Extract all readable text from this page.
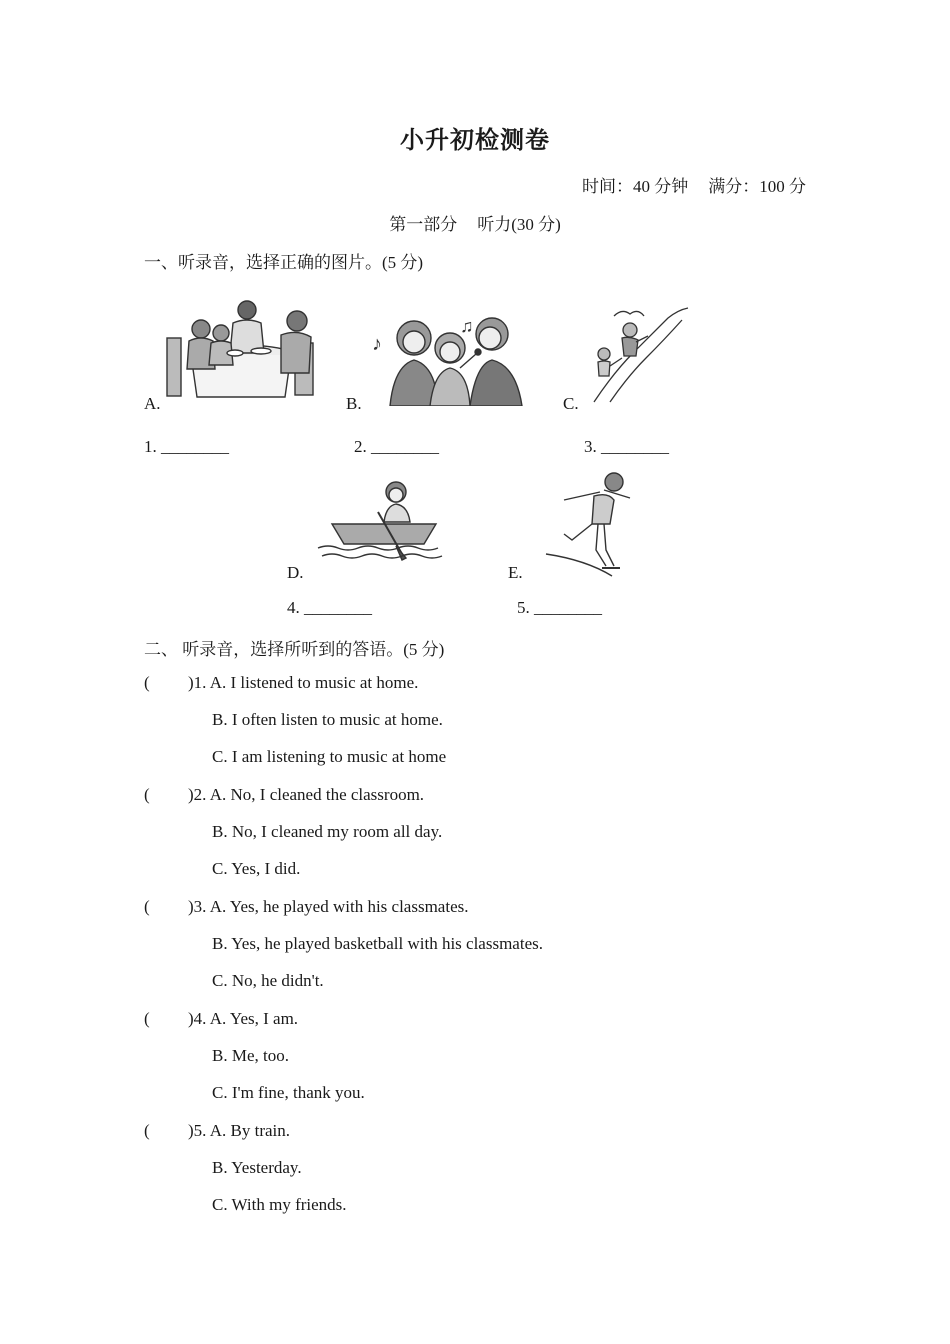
小升初检测卷
时间：40 分钟 满分：100 分
第一部分 听力(30 分)
一、听录音，选择正确的图片。(5 分)
A.
♪
♫
B.	C.
1. ________	2. ________	3. ________
D.	E.
4. ________	5. ________
二、 听录音，选择所听到的答语。(5 分)
( )1. A. I listened to music at home.
B. I often listen to music at home.
C. I am listening to music at home
( )2. A. No, I cleaned the classroom.
B. No, I cleaned my room all day.
C. Yes, I did.
( )3. A. Yes, he played with his classmates.
B. Yes, he played basketball with his classmates.
C. No, he didn't.
( )4. A. Yes, I am.
B. Me, too.
C. I'm fine, thank you.
( )5. A. By train.
B. Yesterday.
C. With my friends.
